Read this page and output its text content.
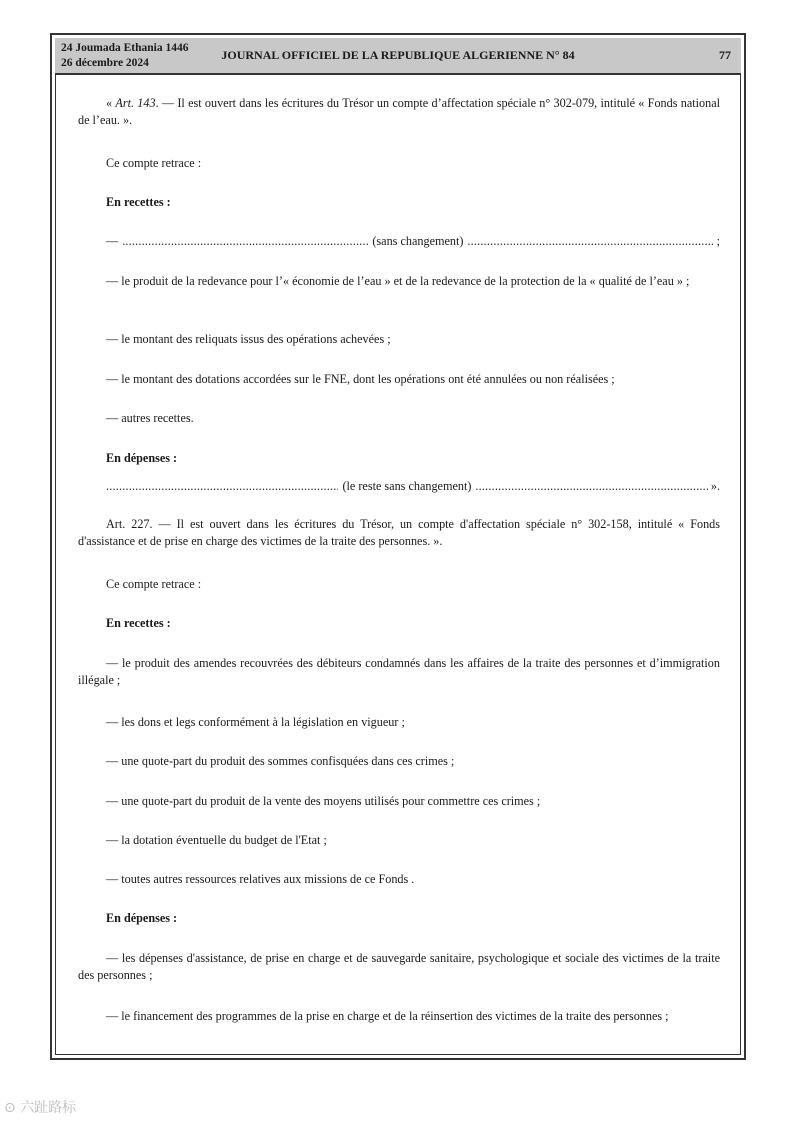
24 Joumada Ethania 1446
26 décembre 2024
JOURNAL OFFICIEL DE LA REPUBLIQUE ALGERIENNE N° 84	77
« Art. 143. — Il est ouvert dans les écritures du Trésor un compte d’affectation spéciale n° 302-079, intitulé « Fonds national de l’eau. ».
Ce compte retrace :
En recettes :
— .....	(sans changement) .....	;
— le produit de la redevance pour l’« économie de l’eau » et de la redevance de la protection de la « qualité de l’eau » ;
— le montant des reliquats issus des opérations achevées ;
— le montant des dotations accordées sur le FNE, dont les opérations ont été annulées ou non réalisées ;
— autres recettes.
En dépenses :
.....
(le reste sans changement) .....	».
Art. 227. — Il est ouvert dans les écritures du Trésor, un compte d'affectation spéciale n° 302-158, intitulé « Fonds d'assistance et de prise en charge des victimes de la traite des personnes. ».
Ce compte retrace :
En recettes :
— le produit des amendes recouvrées des débiteurs condamnés dans les affaires de la traite des personnes et d’immigration illégale ;
— les dons et legs conformément à la législation en vigueur ;
— une quote-part du produit des sommes confisquées dans ces crimes ;
— une quote-part du produit de la vente des moyens utilisés pour commettre ces crimes ;
— la dotation éventuelle du budget de l'Etat ;
— toutes autres ressources relatives aux missions de ce Fonds .
En dépenses :
— les dépenses d'assistance, de prise en charge et de sauvegarde sanitaire, psychologique et sociale des victimes de la traite des personnes ;
— le financement des programmes de la prise en charge et de la réinsertion des victimes de la traite des personnes ;
⊙ 六趾路标
